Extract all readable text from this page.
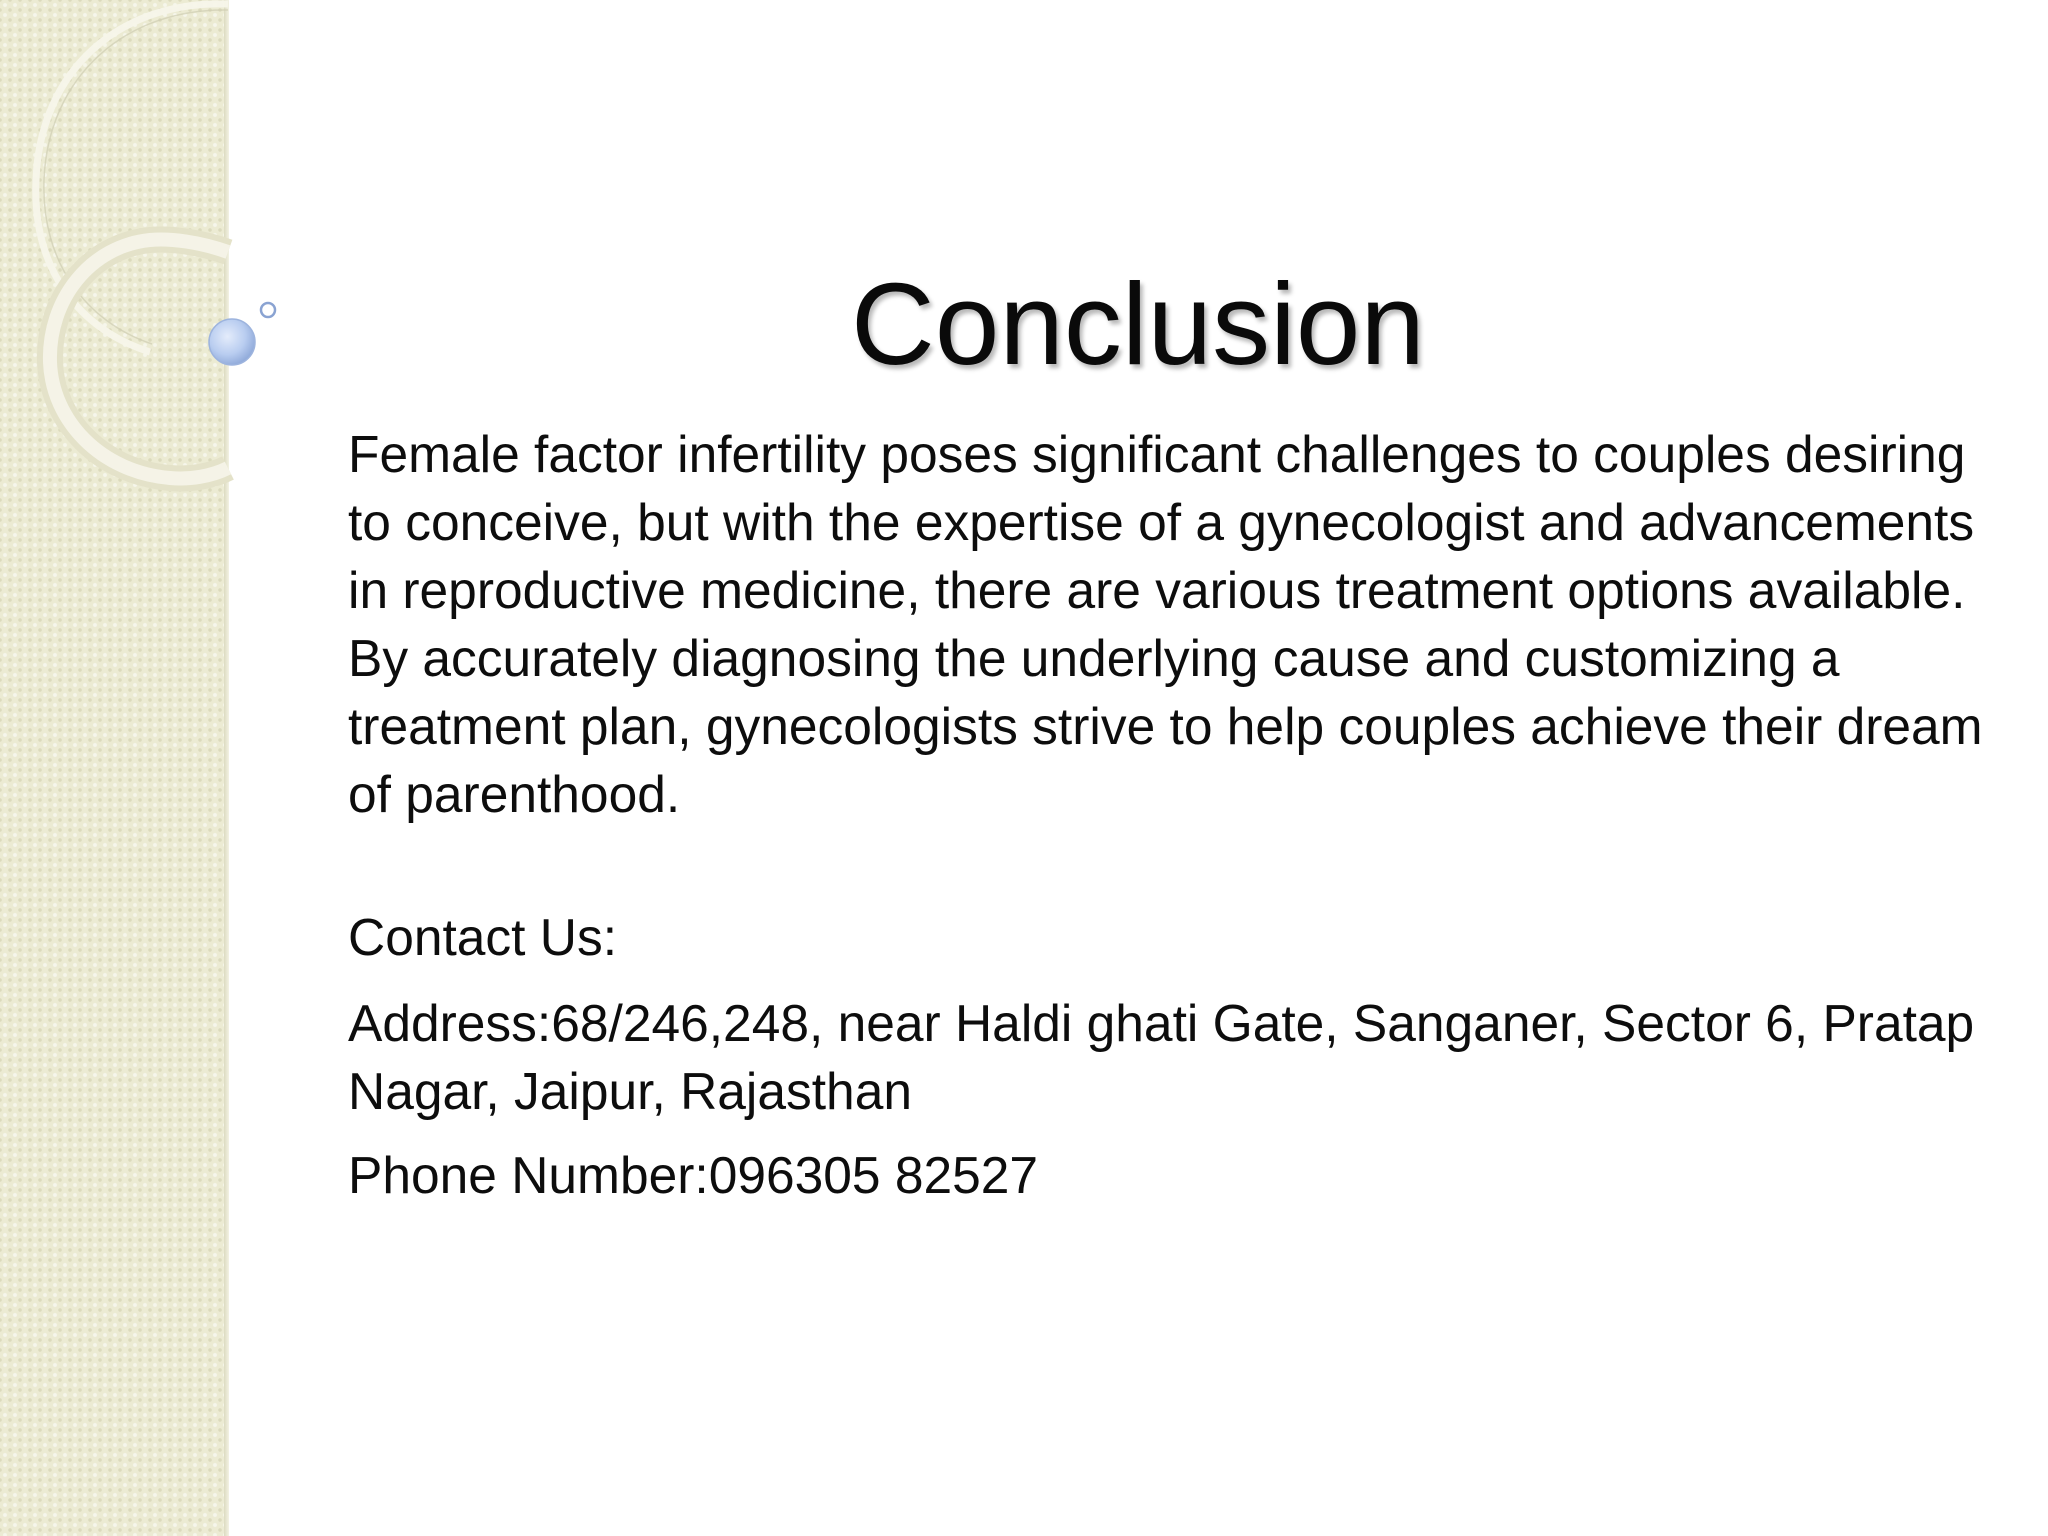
Conclusion

Female factor infertility poses significant challenges to couples desiring to conceive, but with the expertise of a gynecologist and advancements in reproductive medicine, there are various treatment options available. By accurately diagnosing the underlying cause and customizing a treatment plan, gynecologists strive to help couples achieve their dream of parenthood.

Contact Us:

Address:68/246,248, near Haldi ghati Gate, Sanganer, Sector 6, Pratap Nagar, Jaipur, Rajasthan

Phone Number:096305 82527
